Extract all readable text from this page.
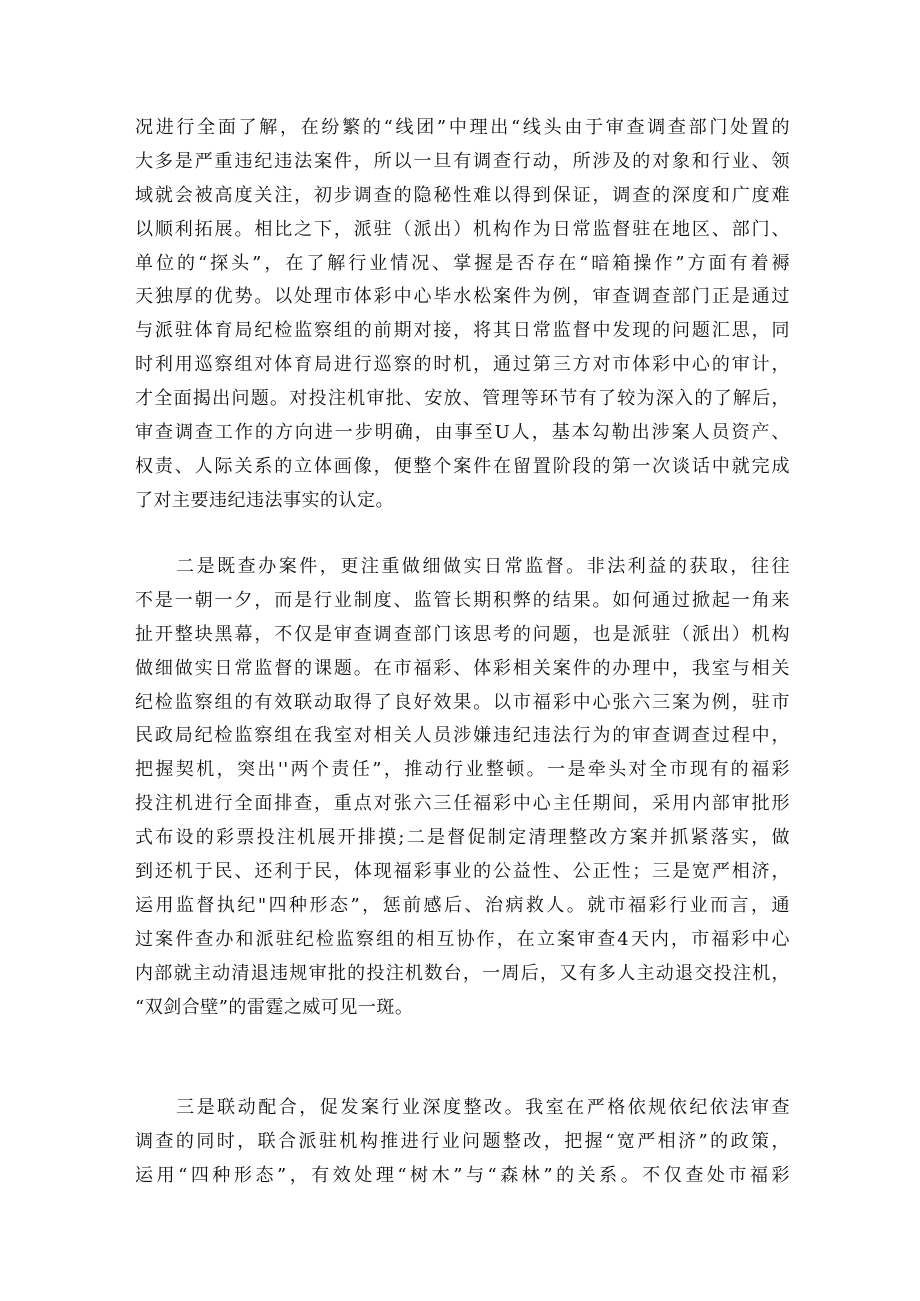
况进行全面了解，在纷繁的“线团”中理出“线头由于审查调查部门处置的
大多是严重违纪违法案件，所以一旦有调查行动，所涉及的对象和行业、领
域就会被高度关注，初步调查的隐秘性难以得到保证，调查的深度和广度难
以顺利拓展。相比之下，派驻（派出）机构作为日常监督驻在地区、部门、
单位的“探头”，在了解行业情况、掌握是否存在“暗箱操作”方面有着褥
天独厚的优势。以处理市体彩中心毕水松案件为例，审查调查部门正是通过
与派驻体育局纪检监察组的前期对接，将其日常监督中发现的问题汇思，同
时利用巡察组对体育局进行巡察的时机，通过第三方对市体彩中心的审计，
才全面揭出问题。对投注机审批、安放、管理等环节有了较为深入的了解后，
审查调查工作的方向进一步明确，由事至U人，基本勾勒出涉案人员资产、
权责、人际关系的立体画像，便整个案件在留置阶段的第一次谈话中就完成
了对主要违纪违法事实的认定。
　　二是既查办案件，更注重做细做实日常监督。非法利益的获取，往往
不是一朝一夕，而是行业制度、监管长期积弊的结果。如何通过掀起一角来
扯开整块黑幕，不仅是审查调查部门该思考的问题，也是派驻（派出）机构
做细做实日常监督的课题。在市福彩、体彩相关案件的办理中，我室与相关
纪检监察组的有效联动取得了良好效果。以市福彩中心张六三案为例，驻市
民政局纪检监察组在我室对相关人员涉嫌违纪违法行为的审查调查过程中，
把握契机，突出''两个责任”，推动行业整顿。一是牵头对全市现有的福彩
投注机进行全面排查，重点对张六三任福彩中心主任期间，采用内部审批形
式布设的彩票投注机展开排摸;二是督促制定清理整改方案并抓紧落实，做
到还机于民、还利于民，体现福彩事业的公益性、公正性；三是宽严相济，
运用监督执纪"四种形态”，惩前感后、治病救人。就市福彩行业而言，通
过案件查办和派驻纪检监察组的相互协作，在立案审查4天内，市福彩中心
内部就主动清退违规审批的投注机数台，一周后，又有多人主动退交投注机，
“双剑合壁”的雷霆之威可见一斑。
　　三是联动配合，促发案行业深度整改。我室在严格依规依纪依法审查
调查的同时，联合派驻机构推进行业问题整改，把握“宽严相济”的政策，
运用“四种形态”，有效处理“树木”与“森林”的关系。不仅查处市福彩
